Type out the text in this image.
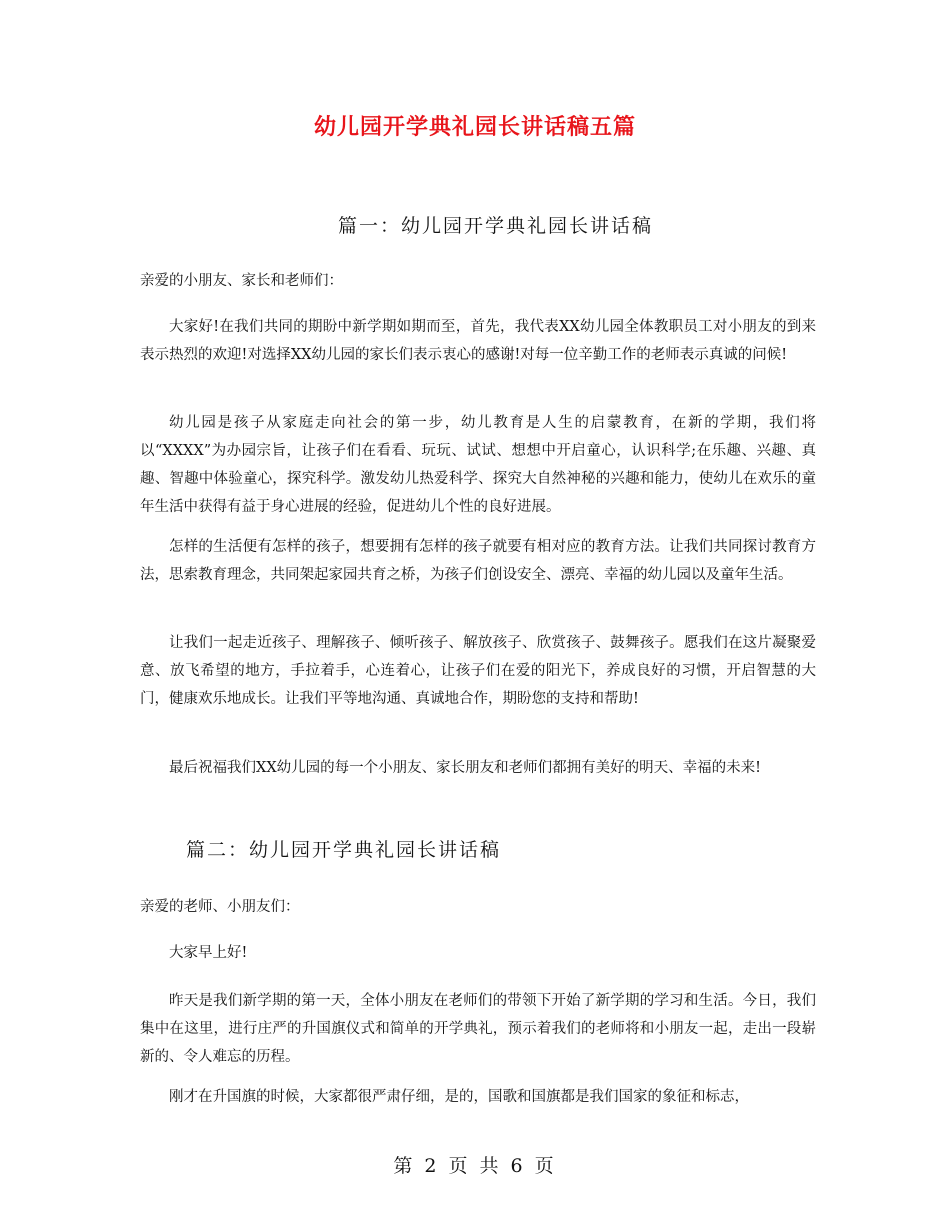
幼儿园开学典礼园长讲话稿五篇
篇一：幼儿园开学典礼园长讲话稿
亲爱的小朋友、家长和老师们：
大家好!在我们共同的期盼中新学期如期而至，首先，我代表XX幼儿园全体教职员工对小朋友的到来表示热烈的欢迎!对选择XX幼儿园的家长们表示衷心的感谢!对每一位辛勤工作的老师表示真诚的问候!
幼儿园是孩子从家庭走向社会的第一步，幼儿教育是人生的启蒙教育，在新的学期，我们将以“XXXX”为办园宗旨，让孩子们在看看、玩玩、试试、想想中开启童心，认识科学;在乐趣、兴趣、真趣、智趣中体验童心，探究科学。激发幼儿热爱科学、探究大自然神秘的兴趣和能力，使幼儿在欢乐的童年生活中获得有益于身心进展的经验，促进幼儿个性的良好进展。
怎样的生活便有怎样的孩子，想要拥有怎样的孩子就要有相对应的教育方法。让我们共同探讨教育方法，思索教育理念，共同架起家园共育之桥，为孩子们创设安全、漂亮、幸福的幼儿园以及童年生活。
让我们一起走近孩子、理解孩子、倾听孩子、解放孩子、欣赏孩子、鼓舞孩子。愿我们在这片凝聚爱意、放飞希望的地方，手拉着手，心连着心，让孩子们在爱的阳光下，养成良好的习惯，开启智慧的大门，健康欢乐地成长。让我们平等地沟通、真诚地合作，期盼您的支持和帮助!
最后祝福我们XX幼儿园的每一个小朋友、家长朋友和老师们都拥有美好的明天、幸福的未来!
篇二：幼儿园开学典礼园长讲话稿
亲爱的老师、小朋友们：
大家早上好!
昨天是我们新学期的第一天，全体小朋友在老师们的带领下开始了新学期的学习和生活。今日，我们集中在这里，进行庄严的升国旗仪式和简单的开学典礼，预示着我们的老师将和小朋友一起，走出一段崭新的、令人难忘的历程。
刚才在升国旗的时候，大家都很严肃仔细，是的，国歌和国旗都是我们国家的象征和标志，
第 2 页 共 6 页
